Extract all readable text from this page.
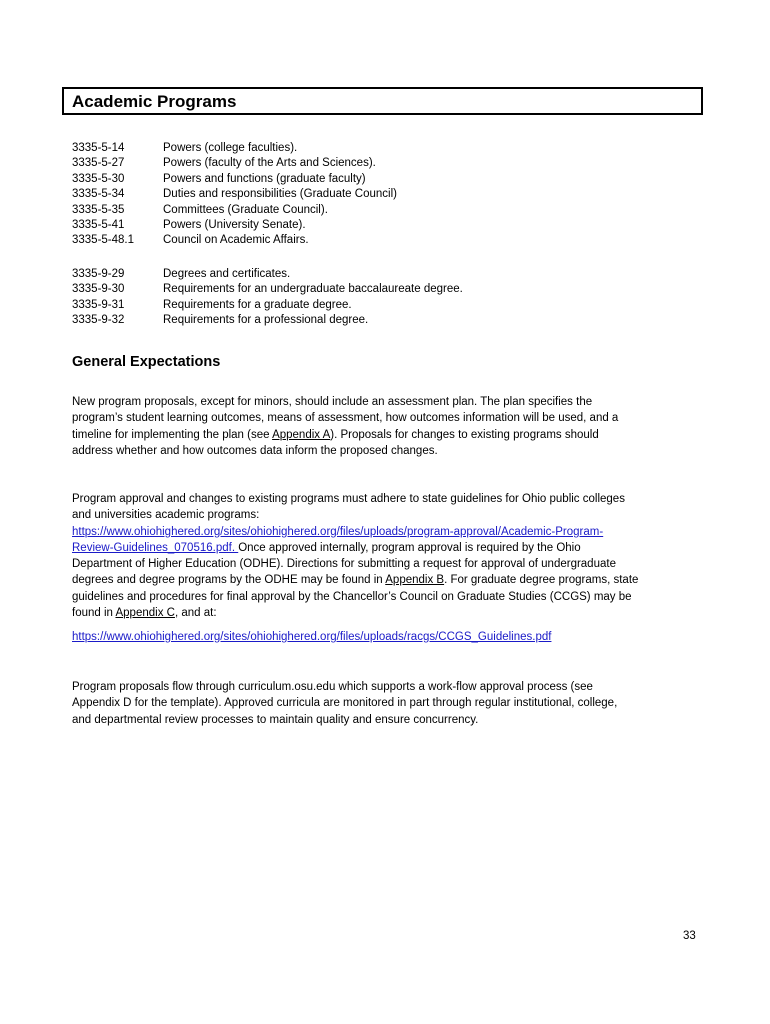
Academic Programs
3335-5-14	Powers (college faculties).
3335-5-27	Powers (faculty of the Arts and Sciences).
3335-5-30	Powers and functions (graduate faculty)
3335-5-34	Duties and responsibilities (Graduate Council)
3335-5-35	Committees (Graduate Council).
3335-5-41	Powers (University Senate).
3335-5-48.1	Council on Academic Affairs.
3335-9-29	Degrees and certificates.
3335-9-30	Requirements for an undergraduate baccalaureate degree.
3335-9-31	Requirements for a graduate degree.
3335-9-32	Requirements for a professional degree.
General Expectations
New program proposals, except for minors, should include an assessment plan. The plan specifies the
program’s student learning outcomes, means of assessment, how outcomes information will be used, and a
timeline for implementing the plan (see Appendix A). Proposals for changes to existing programs should
address whether and how outcomes data inform the proposed changes.
Program approval and changes to existing programs must adhere to state guidelines for Ohio public colleges
and universities academic programs:
https://www.ohiohighered.org/sites/ohiohighered.org/files/uploads/program-approval/Academic-Program-
Review-Guidelines_070516.pdf. Once approved internally, program approval is required by the Ohio
Department of Higher Education (ODHE). Directions for submitting a request for approval of undergraduate
degrees and degree programs by the ODHE may be found in Appendix B. For graduate degree programs, state
guidelines and procedures for final approval by the Chancellor’s Council on Graduate Studies (CCGS) may be
found in Appendix C, and at:
https://www.ohiohighered.org/sites/ohiohighered.org/files/uploads/racgs/CCGS_Guidelines.pdf
Program proposals flow through curriculum.osu.edu which supports a work-flow approval process (see
Appendix D for the template). Approved curricula are monitored in part through regular institutional, college,
and departmental review processes to maintain quality and ensure concurrency.
33
